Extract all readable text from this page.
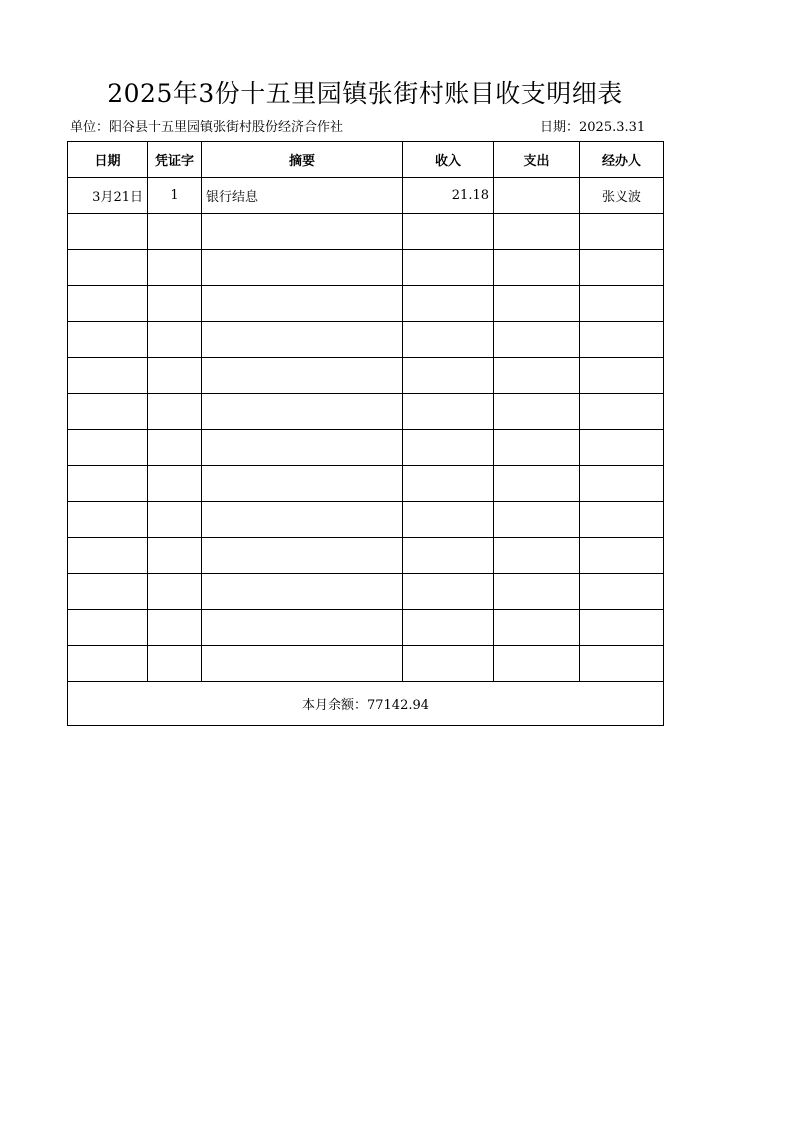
2025年3份十五里园镇张街村账目收支明细表
单位：阳谷县十五里园镇张街村股份经济合作社	日期：2025.3.31
日期	凭证字	摘要	收入	支出	经办人
3月21日	1	银行结息	21.18		张义波

本月余额：77142.94					
